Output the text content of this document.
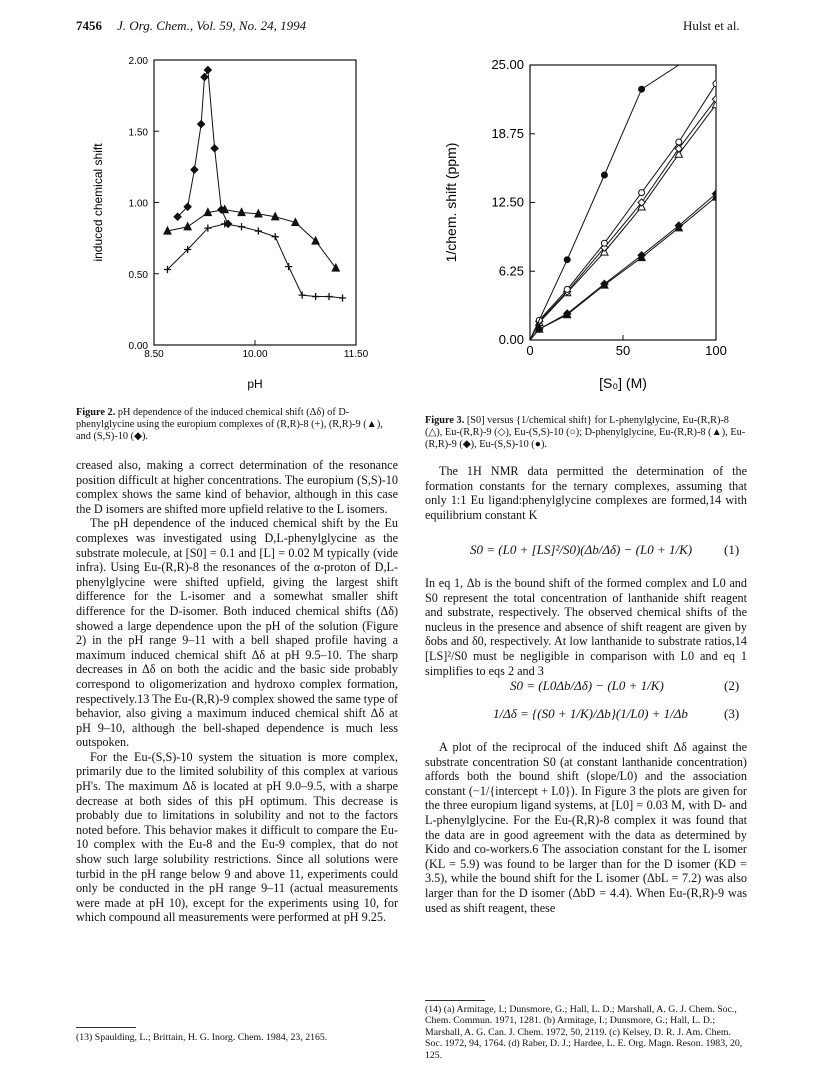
7456 J. Org. Chem., Vol. 59, No. 24, 1994	Hulst et al.
0.00
0.50
1.00
1.50
2.00
8.50	10.00	11.50
pH
induced chemical shift
0.00
6.25
12.50
18.75
25.00
0	50	100
[S₀] (M)
1/chem. shift (ppm)
Figure 2. pH dependence of the induced chemical shift (Δδ) of D-phenylglycine using the europium complexes of (R,R)-8 (+), (R,R)-9 (▲), and (S,S)-10 (◆).
Figure 3. [S0] versus {1/chemical shift} for L-phenylglycine, Eu-(R,R)-8 (△), Eu-(R,R)-9 (◇), Eu-(S,S)-10 (○); D-phenylglycine, Eu-(R,R)-8 (▲), Eu-(R,R)-9 (◆), Eu-(S,S)-10 (●).

creased also, making a correct determination of the resonance position difficult at higher concentrations. The europium (S,S)-10 complex shows the same kind of behavior, although in this case the D isomers are shifted more upfield relative to the L isomers.

The pH dependence of the induced chemical shift by the Eu complexes was investigated using D,L-phenylglycine as the substrate molecule, at [S0] = 0.1 and [L] = 0.02 M typically (vide infra). Using Eu-(R,R)-8 the resonances of the α-proton of D,L-phenylglycine were shifted upfield, giving the largest shift difference for the L-isomer and a somewhat smaller shift difference for the D-isomer. Both induced chemical shifts (Δδ) showed a large dependence upon the pH of the solution (Figure 2) in the pH range 9–11 with a bell shaped profile having a maximum induced chemical shift Δδ at pH 9.5–10. The sharp decreases in Δδ on both the acidic and the basic side probably correspond to oligomerization and hydroxo complex formation, respectively.13 The Eu-(R,R)-9 complex showed the same type of behavior, also giving a maximum induced chemical shift Δδ at pH 9–10, although the bell-shaped dependence is much less outspoken.

For the Eu-(S,S)-10 system the situation is more complex, primarily due to the limited solubility of this complex at various pH's. The maximum Δδ is located at pH 9.0–9.5, with a sharpe decrease at both sides of this pH optimum. This decrease is probably due to limitations in solubility and not to the factors noted before. This behavior makes it difficult to compare the Eu-10 complex with the Eu-8 and the Eu-9 complex, that do not show such large solubility restrictions. Since all solutions were turbid in the pH range below 9 and above 11, experiments could only be conducted in the pH range 9–11 (actual measurements were made at pH 10), except for the experiments using 10, for which compound all measurements were performed at pH 9.25.

(13) Spaulding, L.; Brittain, H. G. Inorg. Chem. 1984, 23, 2165.

The 1H NMR data permitted the determination of the formation constants for the ternary complexes, assuming that only 1:1 Eu ligand:phenylglycine complexes are formed,14 with equilibrium constant K

S0 = (L0 + [LS]²/S0)(Δb/Δδ) − (L0 + 1/K) (1)

In eq 1, Δb is the bound shift of the formed complex and L0 and S0 represent the total concentration of lanthanide shift reagent and substrate, respectively. The observed chemical shifts of the nucleus in the presence and absence of shift reagent are given by δobs and δ0, respectively. At low lanthanide to substrate ratios,14 [LS]²/S0 must be negligible in comparison with L0 and eq 1 simplifies to eqs 2 and 3

S0 = (L0Δb/Δδ) − (L0 + 1/K)	(2)
1/Δδ = {(S0 + 1/K)/Δb}(1/L0) + 1/Δb	(3)

A plot of the reciprocal of the induced shift Δδ against the substrate concentration S0 (at constant lanthanide concentration) affords both the bound shift (slope/L0) and the association constant (−1/{intercept + L0}). In Figure 3 the plots are given for the three europium ligand systems, at [L0] = 0.03 M, with D- and L-phenylglycine. For the Eu-(R,R)-8 complex it was found that the data are in good agreement with the data as determined by Kido and co-workers.6 The association constant for the L isomer (KL = 5.9) was found to be larger than for the D isomer (KD = 3.5), while the bound shift for the L isomer (ΔbL = 7.2) was also larger than for the D isomer (ΔbD = 4.4). When Eu-(R,R)-9 was used as shift reagent, these

(14) (a) Armitage, I.; Dunsmore, G.; Hall, L. D.; Marshall, A. G. J. Chem. Soc., Chem. Commun. 1971, 1281. (b) Armitage, I.; Dunsmore, G.; Hall, L. D.; Marshall, A. G. Can. J. Chem. 1972, 50, 2119. (c) Kelsey, D. R. J. Am. Chem. Soc. 1972, 94, 1764. (d) Raber, D. J.; Hardee, L. E. Org. Magn. Reson. 1983, 20, 125.
